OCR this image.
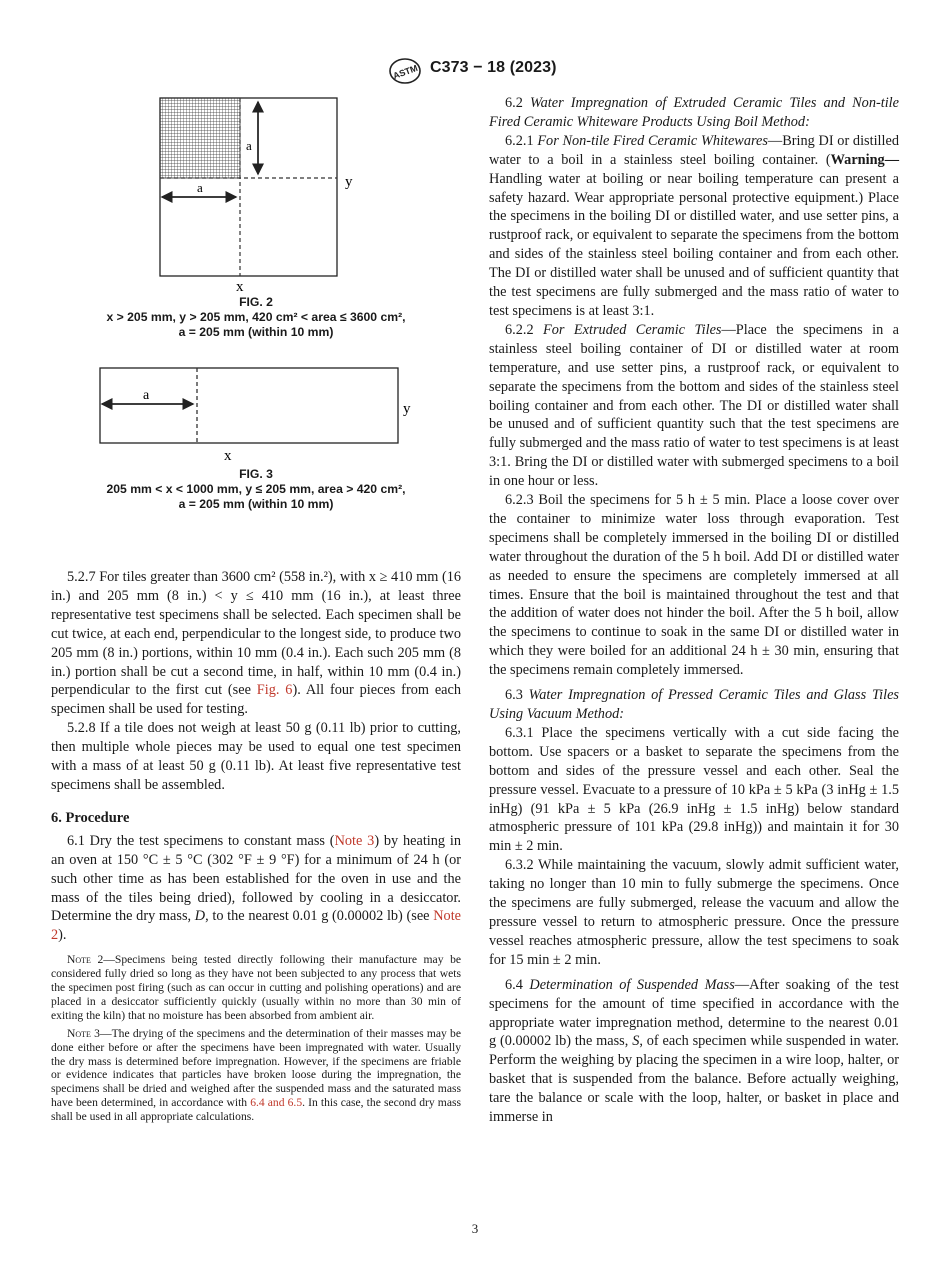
ASTM C373 − 18 (2023)
a
a	y
x
FIG. 2
x > 205 mm, y > 205 mm, 420 cm² < area ≤ 3600 cm²,
a = 205 mm (within 10 mm)
a
y
x
FIG. 3
205 mm < x < 1000 mm, y ≤ 205 mm, area > 420 cm²,
a = 205 mm (within 10 mm)

5.2.7 For tiles greater than 3600 cm² (558 in.²), with x ≥ 410 mm (16 in.) and 205 mm (8 in.) < y ≤ 410 mm (16 in.), at least three representative test specimens shall be selected. Each specimen shall be cut twice, at each end, perpendicular to the longest side, to produce two 205 mm (8 in.) portions, within 10 mm (0.4 in.). Each such 205 mm (8 in.) portion shall be cut a second time, in half, within 10 mm (0.4 in.) perpendicular to the first cut (see Fig. 6). All four pieces from each specimen shall be used for testing.

5.2.8 If a tile does not weigh at least 50 g (0.11 lb) prior to cutting, then multiple whole pieces may be used to equal one test specimen with a mass of at least 50 g (0.11 lb). At least five representative test specimens shall be assembled.

6. Procedure

6.1 Dry the test specimens to constant mass (Note 3) by heating in an oven at 150 °C ± 5 °C (302 °F ± 9 °F) for a minimum of 24 h (or such other time as has been established for the oven in use and the mass of the tiles being dried), followed by cooling in a desiccator. Determine the dry mass, D, to the nearest 0.01 g (0.00002 lb) (see Note 2).

Note 2—Specimens being tested directly following their manufacture may be considered fully dried so long as they have not been subjected to any process that wets the specimen post firing (such as can occur in cutting and polishing operations) and are placed in a desiccator sufficiently quickly (usually within no more than 30 min of exiting the kiln) that no moisture has been absorbed from ambient air.

Note 3—The drying of the specimens and the determination of their masses may be done either before or after the specimens have been impregnated with water. Usually the dry mass is determined before impregnation. However, if the specimens are friable or evidence indicates that particles have broken loose during the impregnation, the specimens shall be dried and weighed after the suspended mass and the saturated mass have been determined, in accordance with 6.4 and 6.5. In this case, the second dry mass shall be used in all appropriate calculations.

6.2 Water Impregnation of Extruded Ceramic Tiles and Non-tile Fired Ceramic Whiteware Products Using Boil Method:

6.2.1 For Non-tile Fired Ceramic Whitewares—Bring DI or distilled water to a boil in a stainless steel boiling container. (Warning—Handling water at boiling or near boiling temperature can present a safety hazard. Wear appropriate personal protective equipment.) Place the specimens in the boiling DI or distilled water, and use setter pins, a rustproof rack, or equivalent to separate the specimens from the bottom and sides of the stainless steel boiling container and from each other. The DI or distilled water shall be unused and of sufficient quantity that the test specimens are fully submerged and the mass ratio of water to test specimens is at least 3:1.

6.2.2 For Extruded Ceramic Tiles—Place the specimens in a stainless steel boiling container of DI or distilled water at room temperature, and use setter pins, a rustproof rack, or equivalent to separate the specimens from the bottom and sides of the stainless steel boiling container and from each other. The DI or distilled water shall be unused and of sufficient quantity such that the test specimens are fully submerged and the mass ratio of water to test specimens is at least 3:1. Bring the DI or distilled water with submerged specimens to a boil in one hour or less.

6.2.3 Boil the specimens for 5 h ± 5 min. Place a loose cover over the container to minimize water loss through evaporation. Test specimens shall be completely immersed in the boiling DI or distilled water throughout the duration of the 5 h boil. Add DI or distilled water as needed to ensure the specimens are completely immersed at all times. Ensure that the boil is maintained throughout the test and that the addition of water does not hinder the boil. After the 5 h boil, allow the specimens to continue to soak in the same DI or distilled water in which they were boiled for an additional 24 h ± 30 min, ensuring that the specimens remain completely immersed.

6.3 Water Impregnation of Pressed Ceramic Tiles and Glass Tiles Using Vacuum Method:

6.3.1 Place the specimens vertically with a cut side facing the bottom. Use spacers or a basket to separate the specimens from the bottom and sides of the pressure vessel and each other. Seal the pressure vessel. Evacuate to a pressure of 10 kPa ± 5 kPa (3 inHg ± 1.5 inHg) (91 kPa ± 5 kPa (26.9 inHg ± 1.5 inHg) below standard atmospheric pressure of 101 kPa (29.8 inHg)) and maintain it for 30 min ± 2 min.

6.3.2 While maintaining the vacuum, slowly admit sufficient water, taking no longer than 10 min to fully submerge the specimens. Once the specimens are fully submerged, release the vacuum and allow the pressure vessel to return to atmospheric pressure. Once the pressure vessel reaches atmospheric pressure, allow the test specimens to soak for 15 min ± 2 min.

6.4 Determination of Suspended Mass—After soaking of the test specimens for the amount of time specified in accordance with the appropriate water impregnation method, determine to the nearest 0.01 g (0.00002 lb) the mass, S, of each specimen while suspended in water. Perform the weighing by placing the specimen in a wire loop, halter, or basket that is suspended from the balance. Before actually weighing, tare the balance or scale with the loop, halter, or basket in place and immerse in

3
